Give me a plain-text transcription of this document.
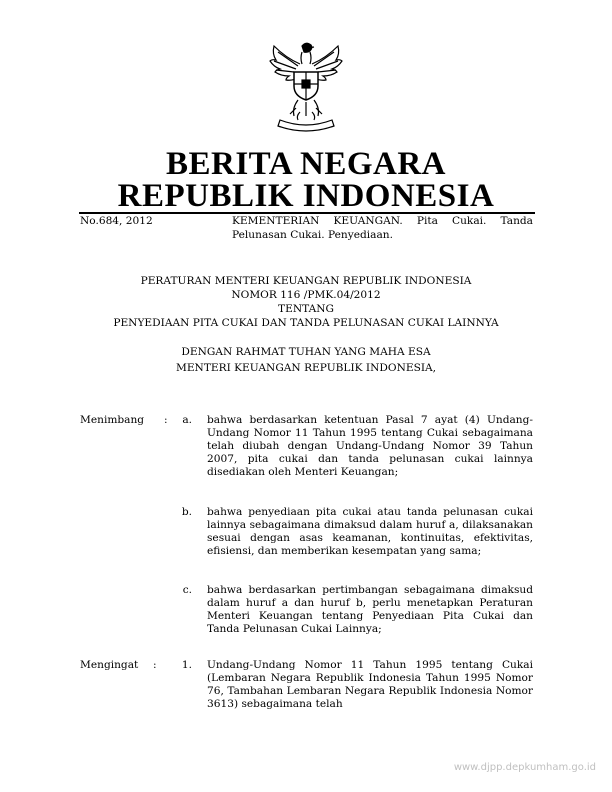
BERITA NEGARA
REPUBLIK INDONESIA
No.684, 2012	KEMENTERIAN KEUANGAN. Pita Cukai. Tanda Pelunasan Cukai. Penyediaan.
PERATURAN MENTERI KEUANGAN REPUBLIK INDONESIA
NOMOR 116 /PMK.04/2012
TENTANG
PENYEDIAAN PITA CUKAI DAN TANDA PELUNASAN CUKAI LAINNYA
DENGAN RAHMAT TUHAN YANG MAHA ESA
MENTERI KEUANGAN REPUBLIK INDONESIA,
Menimbang :	a. bahwa berdasarkan ketentuan Pasal 7 ayat (4) Undang-Undang Nomor 11 Tahun 1995 tentang Cukai sebagaimana telah diubah dengan Undang-Undang Nomor 39 Tahun 2007, pita cukai dan tanda pelunasan cukai lainnya disediakan oleh Menteri Keuangan;
b. bahwa penyediaan pita cukai atau tanda pelunasan cukai lainnya sebagaimana dimaksud dalam huruf a, dilaksanakan sesuai dengan asas keamanan, kontinuitas, efektivitas, efisiensi, dan memberikan kesempatan yang sama;
c. bahwa berdasarkan pertimbangan sebagaimana dimaksud dalam huruf a dan huruf b, perlu menetapkan Peraturan Menteri Keuangan tentang Penyediaan Pita Cukai dan Tanda Pelunasan Cukai Lainnya;
Mengingat :	1. Undang-Undang Nomor 11 Tahun 1995 tentang Cukai (Lembaran Negara Republik Indonesia Tahun 1995 Nomor 76, Tambahan Lembaran Negara Republik Indonesia Nomor 3613) sebagaimana telah
www.djpp.depkumham.go.id
